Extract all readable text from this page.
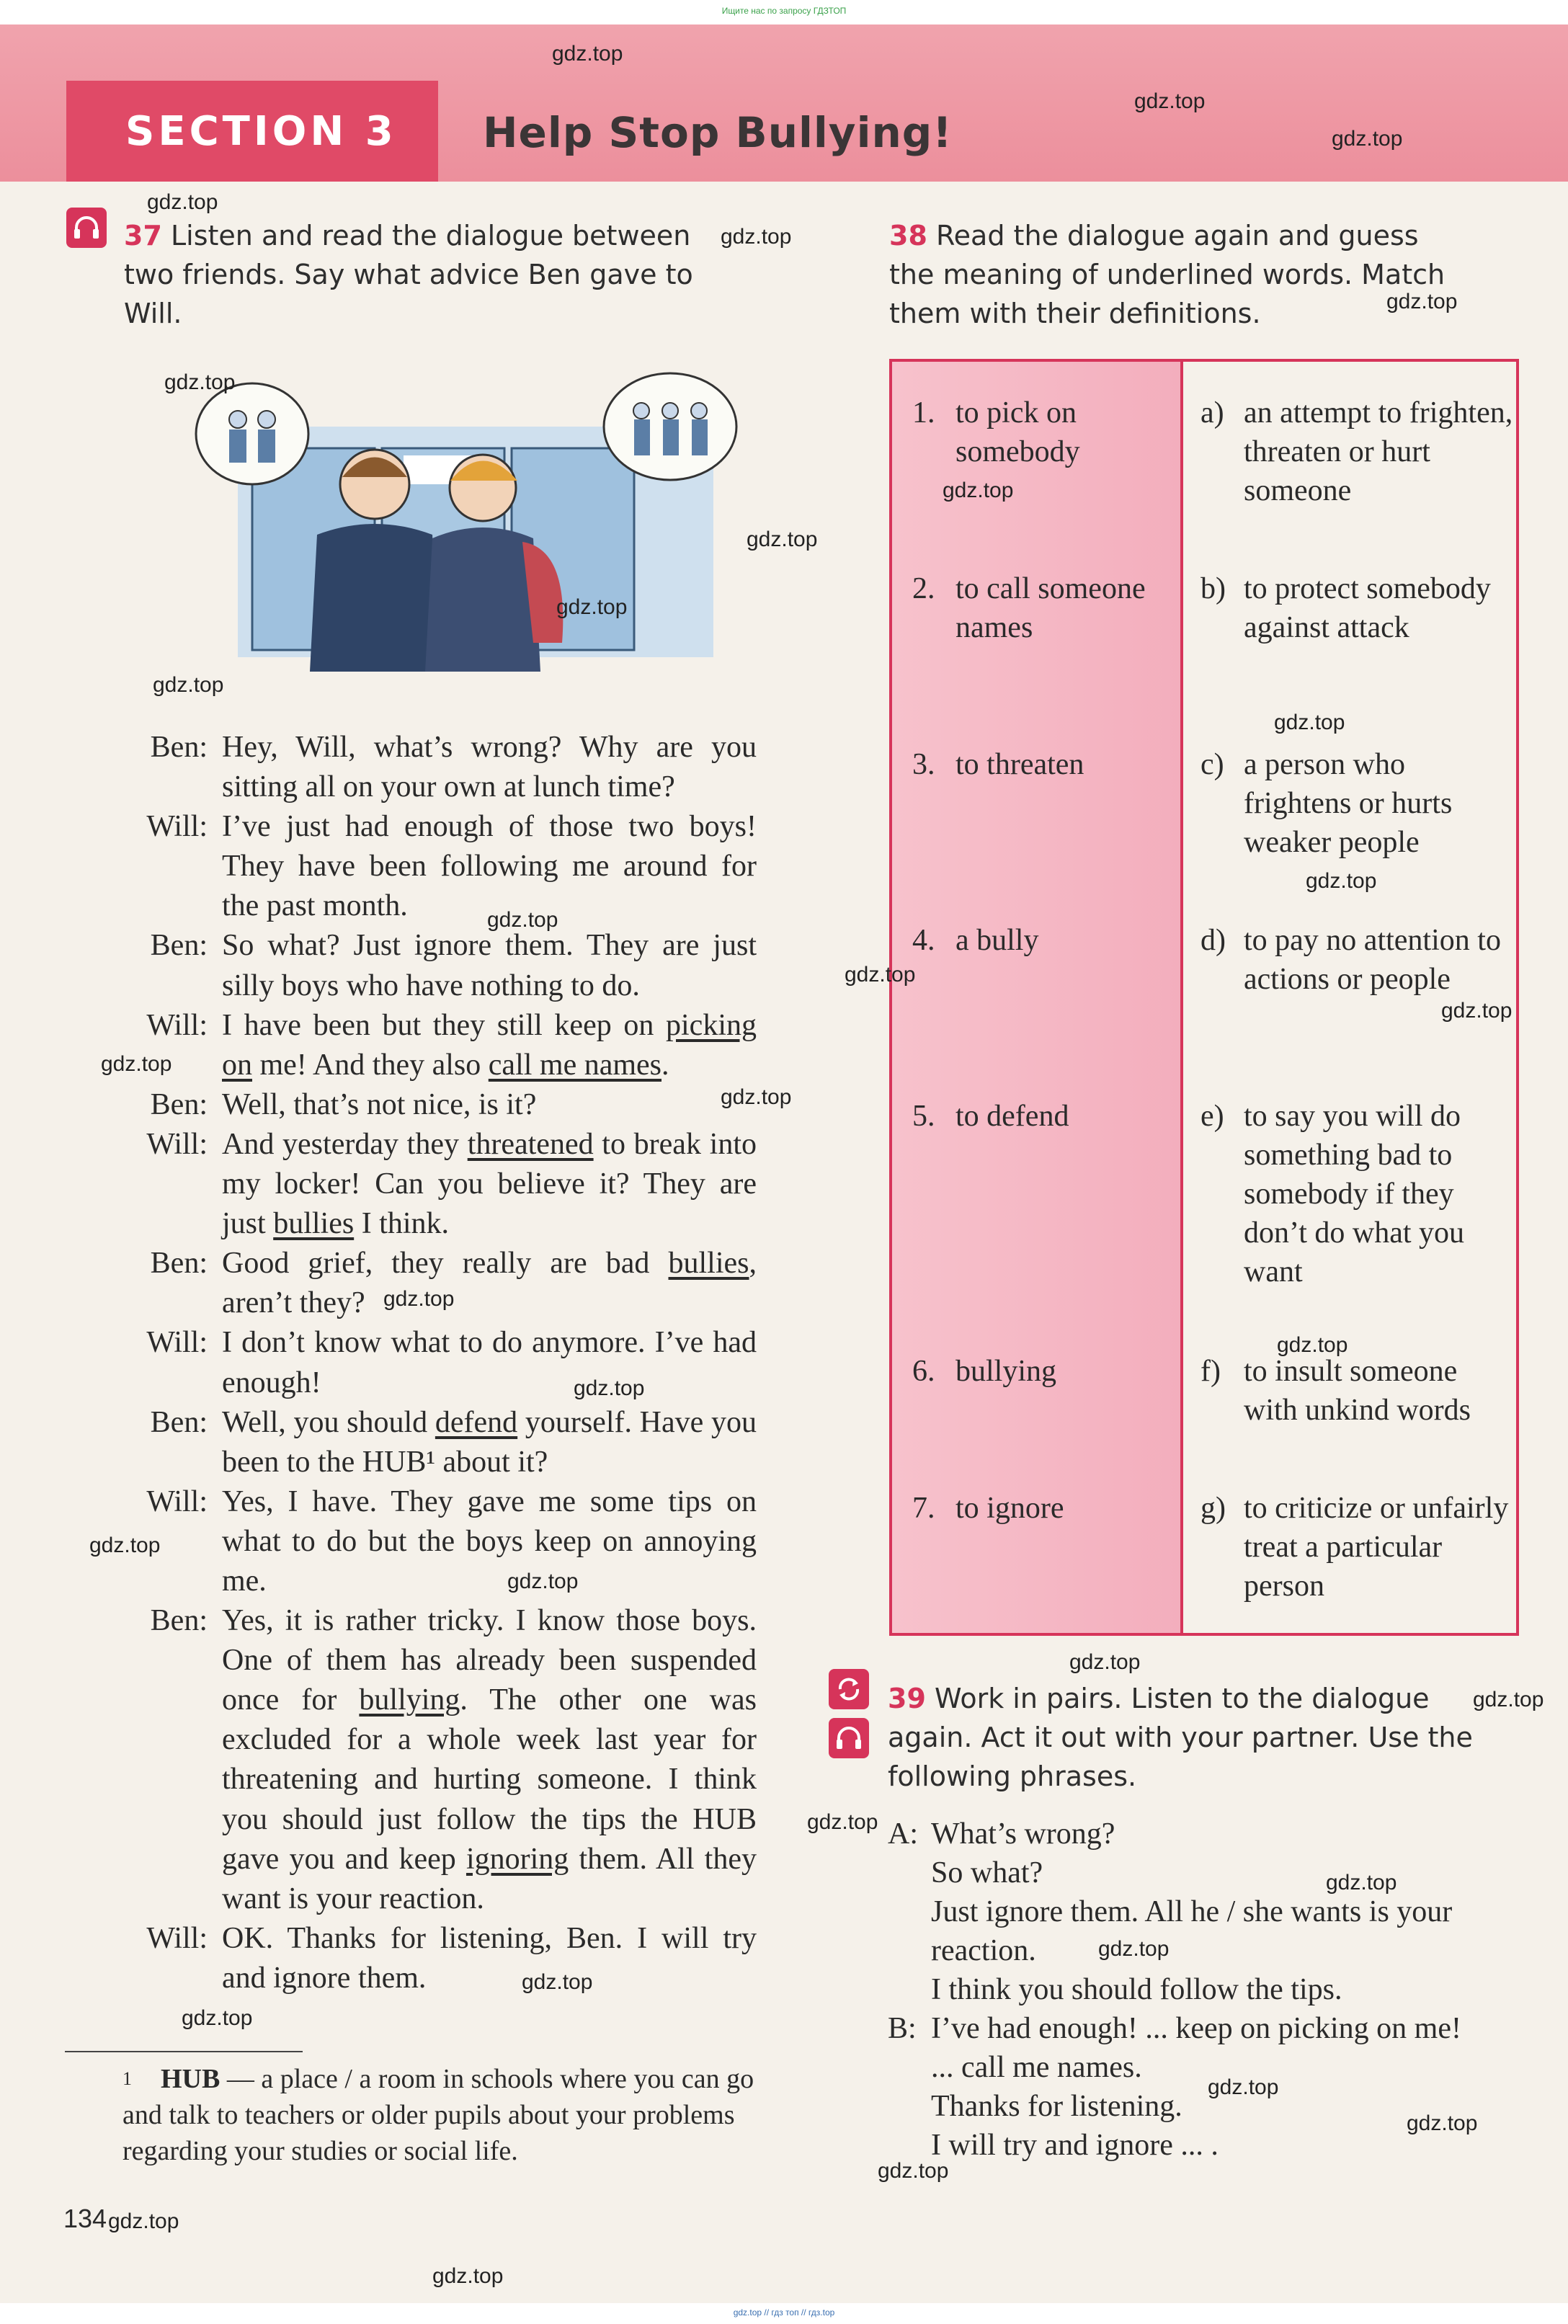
Ищите нас по запросу ГДЗТОП
SECTION 3 Help Stop Bullying!
37 Listen and read the dialogue between two friends. Say what advice Ben gave to Will.
Ben: Hey, Will, what’s wrong? Why are you sitting all on your own at lunch time?
Will: I’ve just had enough of those two boys! They have been following me around for the past month.
Ben: So what? Just ignore them. They are just silly boys who have nothing to do.
Will: I have been but they still keep on picking on me! And they also call me names.
Ben: Well, that’s not nice, is it?
Will: And yesterday they threatened to break into my locker! Can you believe it? They are just bullies I think.
Ben: Good grief, they really are bad bullies, aren’t they?
Will: I don’t know what to do anymore. I’ve had enough!
Ben: Well, you should defend yourself. Have you been to the HUB¹ about it?
Will: Yes, I have. They gave me some tips on what to do but the boys keep on annoying me.
Ben: Yes, it is rather tricky. I know those boys. One of them has already been suspended once for bullying. The other one was excluded for a whole week last year for threatening and hurting someone. I think you should just follow the tips the HUB gave you and keep ignoring them. All they want is your reaction.
Will: OK. Thanks for listening, Ben. I will try and ignore them.
$^1$ HUB — a place / a room in schools where you can go and talk to teachers or older pupils about your problems regarding your studies or social life.
134
38 Read the dialogue again and guess the meaning of underlined words. Match them with their definitions.
1. to pick on somebody
2. to call someone names
3. to threaten
4. a bully
5. to defend
6. bullying
7. to ignore
a) an attempt to frighten, threaten or hurt someone
b) to protect somebody against attack
c) a person who frightens or hurts weaker people
d) to pay no attention to actions or people
e) to say you will do something bad to somebody if they don’t do what you want
f) to insult someone with unkind words
g) to criticize or unfairly treat a particular person
39 Work in pairs. Listen to the dialogue again. Act it out with your partner. Use the following phrases.
A: What’s wrong?
So what?
Just ignore them. All he / she wants is your reaction.
I think you should follow the tips.
B: I’ve had enough! ... keep on picking on me!
... call me names.
Thanks for listening.
I will try and ignore ... .
gdz.top
gdz.top
gdz.top
gdz.top
gdz.top
gdz.top
gdz.top
gdz.top
gdz.top
gdz.top
gdz.top
gdz.top
gdz.top
gdz.top
gdz.top
gdz.top
gdz.top
gdz.top
gdz.top
gdz.top
gdz.top
gdz.top
gdz.top
gdz.top
gdz.top
gdz.top
gdz.top
gdz.top
gdz.top
gdz.top
gdz.top
gdz.top
gdz.top
gdz.top
gdz.top
gdz.top // гдз топ // гдз.top
